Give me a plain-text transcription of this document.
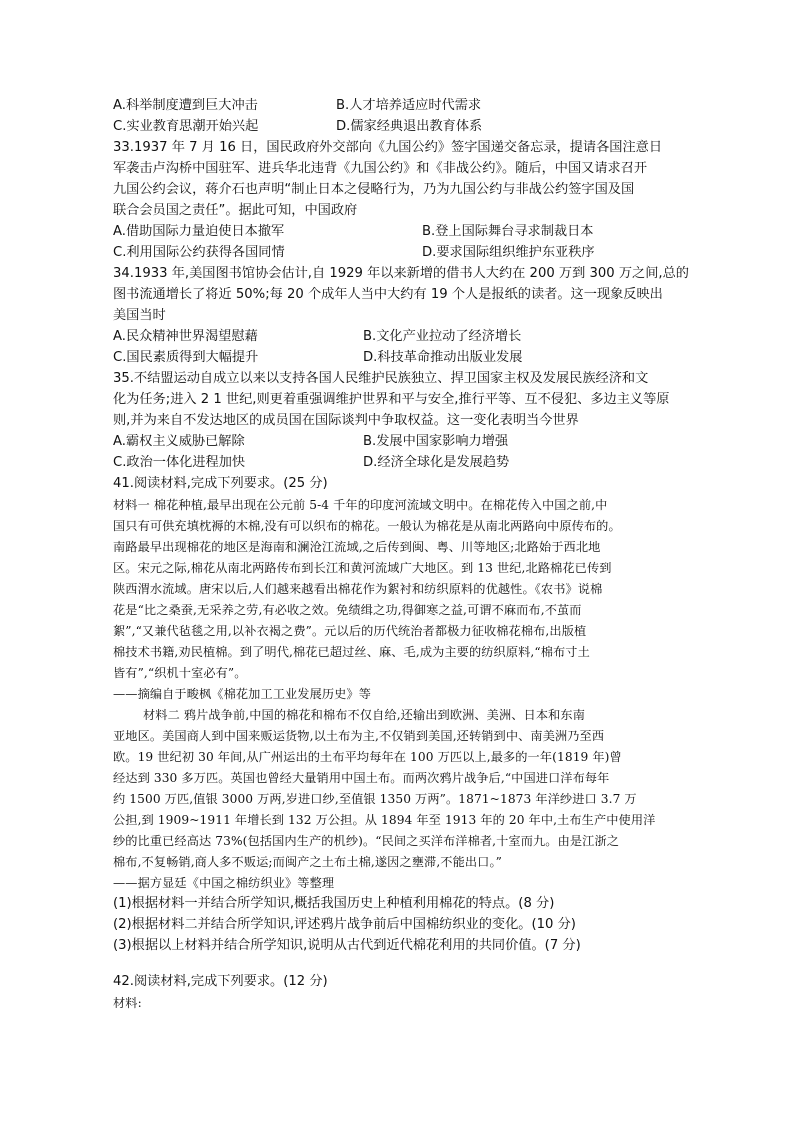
A.科举制度遭到巨大冲击	B.人才培养适应时代需求
C.实业教育思潮开始兴起	D.儒家经典退出教育体系
33.1937 年 7 月 16 日，国民政府外交部向《九国公约》签字国递交备忘录，提请各国注意日
军袭击卢沟桥中国驻军、进兵华北违背《九国公约》和《非战公约》。随后，中国又请求召开
九国公约会议，蒋介石也声明“制止日本之侵略行为，乃为九国公约与非战公约签字国及国
联合会员国之责任”。据此可知，中国政府
A.借助国际力量迫使日本撤军	B.登上国际舞台寻求制裁日本
C.利用国际公约获得各国同情	D.要求国际组织维护东亚秩序
34.1933 年,美国图书馆协会估计,自 1929 年以来新增的借书人大约在 200 万到 300 万之间,总的
图书流通增长了将近 50%;每 20 个成年人当中大约有 19 个人是报纸的读者。这一现象反映出
美国当时
A.民众精神世界渴望慰藉	B.文化产业拉动了经济增长
C.国民素质得到大幅提升	D.科技革命推动出版业发展
35.不结盟运动自成立以来以支持各国人民维护民族独立、捍卫国家主权及发展民族经济和文
化为任务;进入 2 1 世纪,则更着重强调维护世界和平与安全,推行平等、互不侵犯、多边主义等原
则,并为来自不发达地区的成员国在国际谈判中争取权益。这一变化表明当今世界
A.霸权主义威胁已解除	B.发展中国家影响力增强
C.政治一体化进程加快	D.经济全球化是发展趋势
41.阅读材料,完成下列要求。(25 分)
材料一 棉花种植,最早出现在公元前 5-4 千年的印度河流域文明中。在棉花传入中国之前,中
国只有可供充填枕褥的木棉,没有可以织布的棉花。一般认为棉花是从南北两路向中原传布的。
南路最早出现棉花的地区是海南和澜沧江流域,之后传到闽、粤、川等地区;北路始于西北地
区。宋元之际,棉花从南北两路传布到长江和黄河流域广大地区。到 13 世纪,北路棉花已传到
陕西渭水流域。唐宋以后,人们越来越看出棉花作为絮衬和纺织原料的优越性。《农书》说棉
花是“比之桑蚕,无采养之劳,有必收之效。免绩缉之功,得御寒之益,可谓不麻而布,不茧而
絮”,“又兼代毡毯之用,以补衣褐之费”。元以后的历代统治者都极力征收棉花棉布,出版植
棉技术书籍,劝民植棉。到了明代,棉花已超过丝、麻、毛,成为主要的纺织原料,“棉布寸土
皆有”,“织机十室必有”。
——摘编自于畯枫《棉花加工工业发展历史》等
材料二 鸦片战争前,中国的棉花和棉布不仅自给,还输出到欧洲、美洲、日本和东南
亚地区。美国商人到中国来贩运货物,以土布为主,不仅销到美国,还转销到中、南美洲乃至西
欧。19 世纪初 30 年间,从广州运出的土布平均每年在 100 万匹以上,最多的一年(1819 年)曾
经达到 330 多万匹。英国也曾经大量销用中国土布。而两次鸦片战争后,“中国进口洋布每年
约 1500 万匹,值银 3000 万两,岁进口纱,至值银 1350 万两”。1871~1873 年洋纱进口 3.7 万
公担,到 1909~1911 年增长到 132 万公担。从 1894 年至 1913 年的 20 年中,土布生产中使用洋
纱的比重已经高达 73%(包括国内生产的机纱)。“民间之买洋布洋棉者,十室而九。由是江浙之
棉布,不复畅销,商人多不贩运;而闽产之土布土棉,遂因之壅滞,不能出口。”
——据方显廷《中国之棉纺织业》等整理
(1)根据材料一并结合所学知识,概括我国历史上种植利用棉花的特点。(8 分)
(2)根据材料二并结合所学知识,评述鸦片战争前后中国棉纺织业的变化。(10 分)
(3)根据以上材料并结合所学知识,说明从古代到近代棉花利用的共同价值。(7 分)
42.阅读材料,完成下列要求。(12 分)
材料:
